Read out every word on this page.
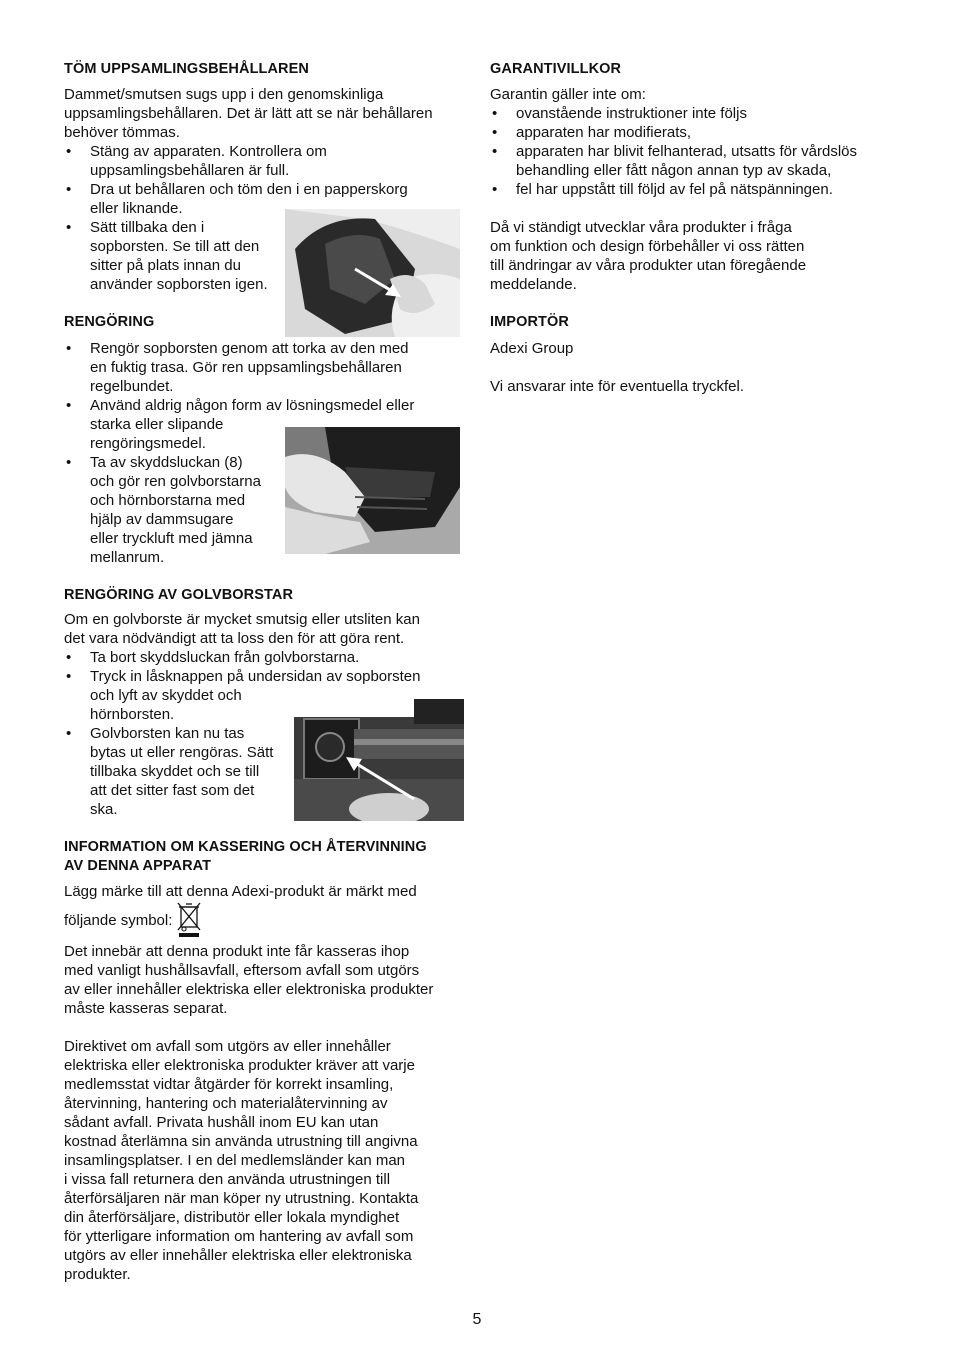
TÖM UPPSAMLINGSBEHÅLLAREN

Dammet/smutsen sugs upp i den genomskinliga
uppsamlingsbehållaren. Det är lätt att se när behållaren
behöver tömmas.

• Stäng av apparaten. Kontrollera om
uppsamlingsbehållaren är full.
• Dra ut behållaren och töm den i en papperskorg
eller liknande.
• Sätt tillbaka den i
sopborsten. Se till att den
sitter på plats innan du
använder sopborsten igen.
RENGÖRING
• Rengör sopborsten genom att torka av den med
en fuktig trasa. Gör ren uppsamlingsbehållaren
regelbundet.
• Använd aldrig någon form av lösningsmedel eller
starka eller slipande
rengöringsmedel.
• Ta av skyddsluckan (8)
och gör ren golvborstarna
och hörnborstarna med
hjälp av dammsugare
eller tryckluft med jämna
mellanrum.
RENGÖRING AV GOLVBORSTAR

Om en golvborste är mycket smutsig eller utsliten kan
det vara nödvändigt att ta loss den för att göra rent.

• Ta bort skyddsluckan från golvborstarna.
• Tryck in låsknappen på undersidan av sopborsten
och lyft av skyddet och
hörnborsten.
• Golvborsten kan nu tas
bytas ut eller rengöras. Sätt
tillbaka skyddet och se till
att det sitter fast som det
ska.
INFORMATION OM KASSERING OCH ÅTERVINNING
AV DENNA APPARAT

Lägg märke till att denna Adexi-produkt är märkt med
följande symbol:

Det innebär att denna produkt inte får kasseras ihop
med vanligt hushållsavfall, eftersom avfall som utgörs
av eller innehåller elektriska eller elektroniska produkter
måste kasseras separat.

Direktivet om avfall som utgörs av eller innehåller
elektriska eller elektroniska produkter kräver att varje
medlemsstat vidtar åtgärder för korrekt insamling,
återvinning, hantering och materialåtervinning av
sådant avfall. Privata hushåll inom EU kan utan
kostnad återlämna sin använda utrustning till angivna
insamlingsplatser. I en del medlemsländer kan man
i vissa fall returnera den använda utrustningen till
återförsäljaren när man köper ny utrustning. Kontakta
din återförsäljare, distributör eller lokala myndighet
för ytterligare information om hantering av avfall som
utgörs av eller innehåller elektriska eller elektroniska
produkter.

GARANTIVILLKOR

Garantin gäller inte om:

• ovanstående instruktioner inte följs
• apparaten har modifierats,
• apparaten har blivit felhanterad, utsatts för vårdslös
behandling eller fått någon annan typ av skada,
• fel har uppstått till följd av fel på nätspänningen.

Då vi ständigt utvecklar våra produkter i fråga
om funktion och design förbehåller vi oss rätten
till ändringar av våra produkter utan föregående
meddelande.

IMPORTÖR

Adexi Group

Vi ansvarar inte för eventuella tryckfel.

5
